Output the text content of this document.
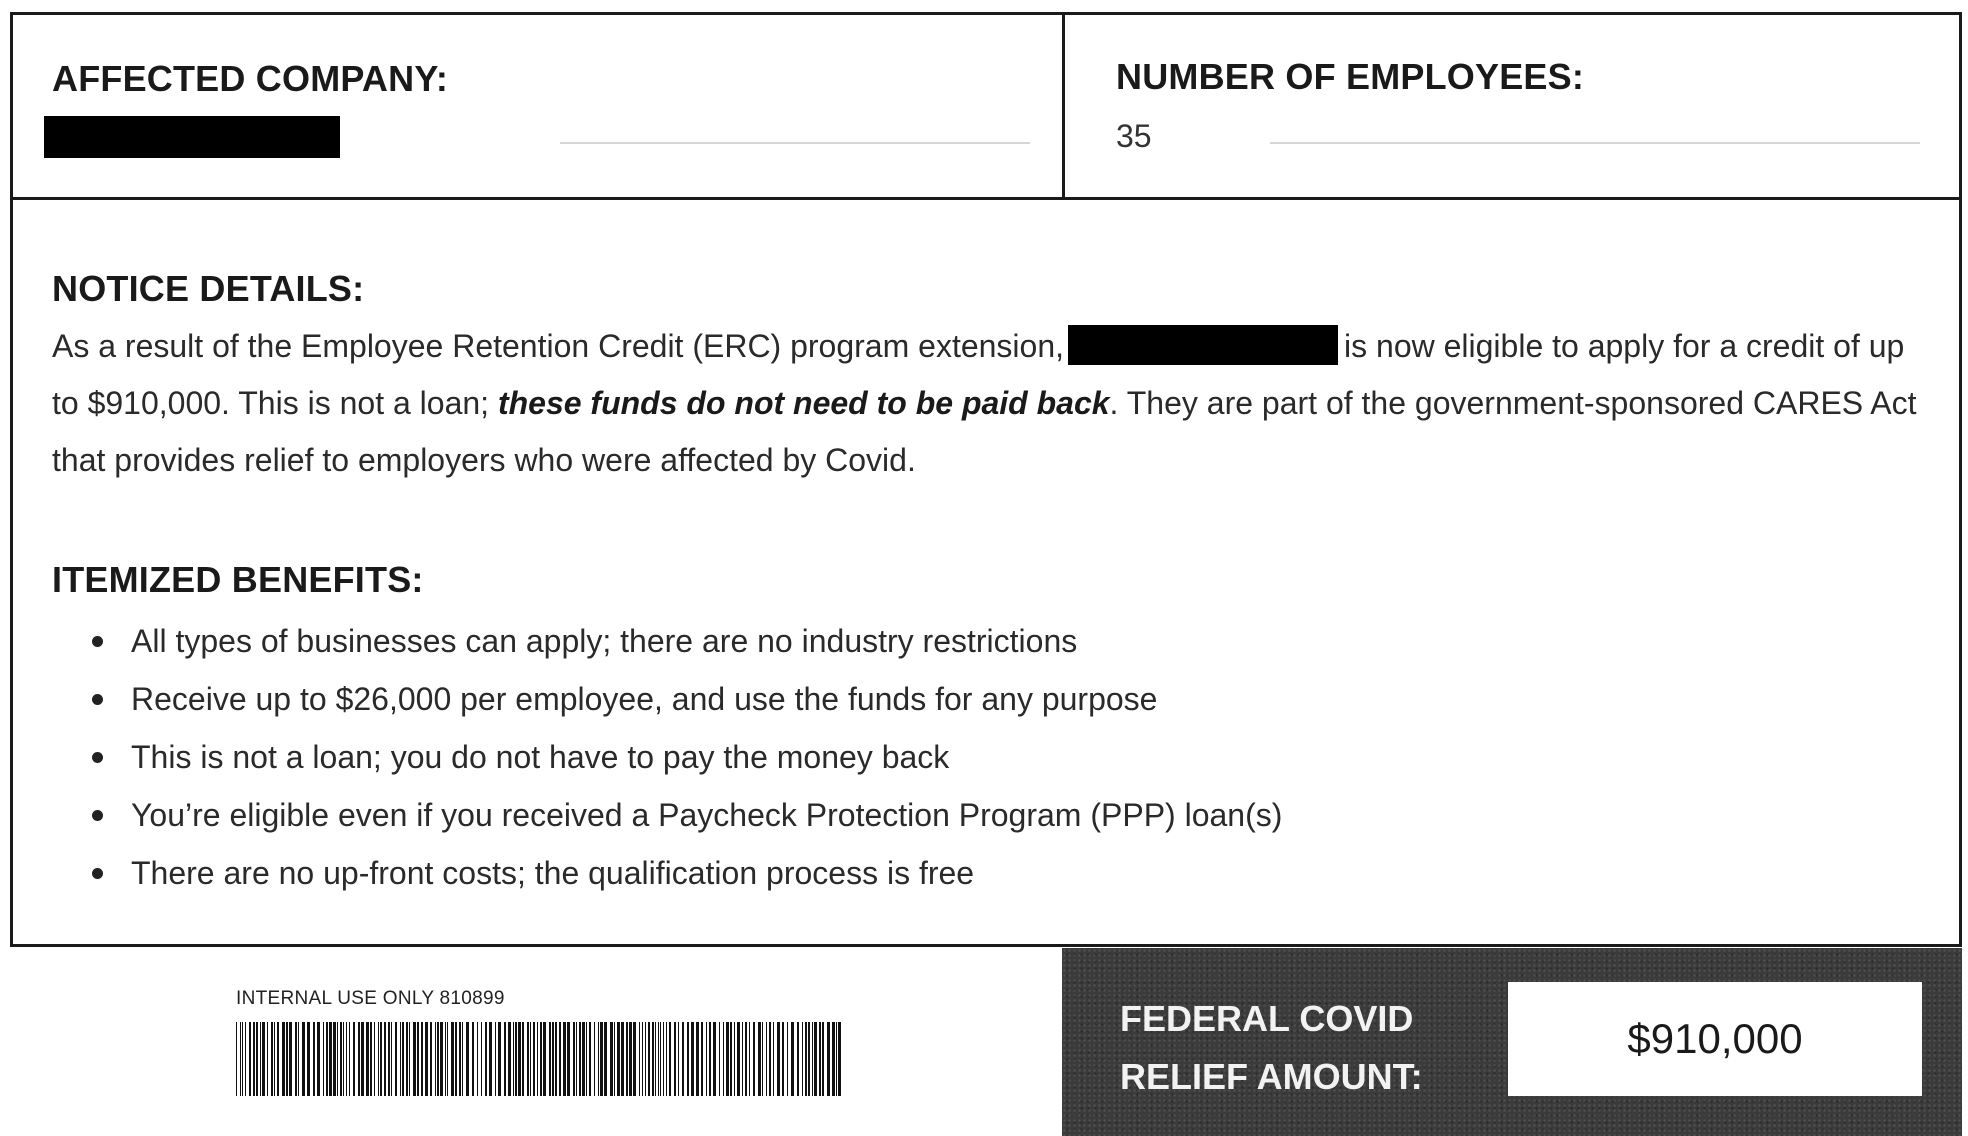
AFFECTED COMPANY:	NUMBER OF EMPLOYEES:
35
NOTICE DETAILS:
As a result of the Employee Retention Credit (ERC) program extension,	is now eligible to apply for a credit of up to $910,000. This is not a loan; these funds do not need to be paid back. They are part of the government-sponsored CARES Act that provides relief to employers who were affected by Covid.
ITEMIZED BENEFITS:
All types of businesses can apply; there are no industry restrictions
Receive up to $26,000 per employee, and use the funds for any purpose
This is not a loan; you do not have to pay the money back
You’re eligible even if you received a Paycheck Protection Program (PPP) loan(s)
There are no up-front costs; the qualification process is free
INTERNAL USE ONLY 810899	FEDERAL COVID
RELIEF AMOUNT:
$910,000
